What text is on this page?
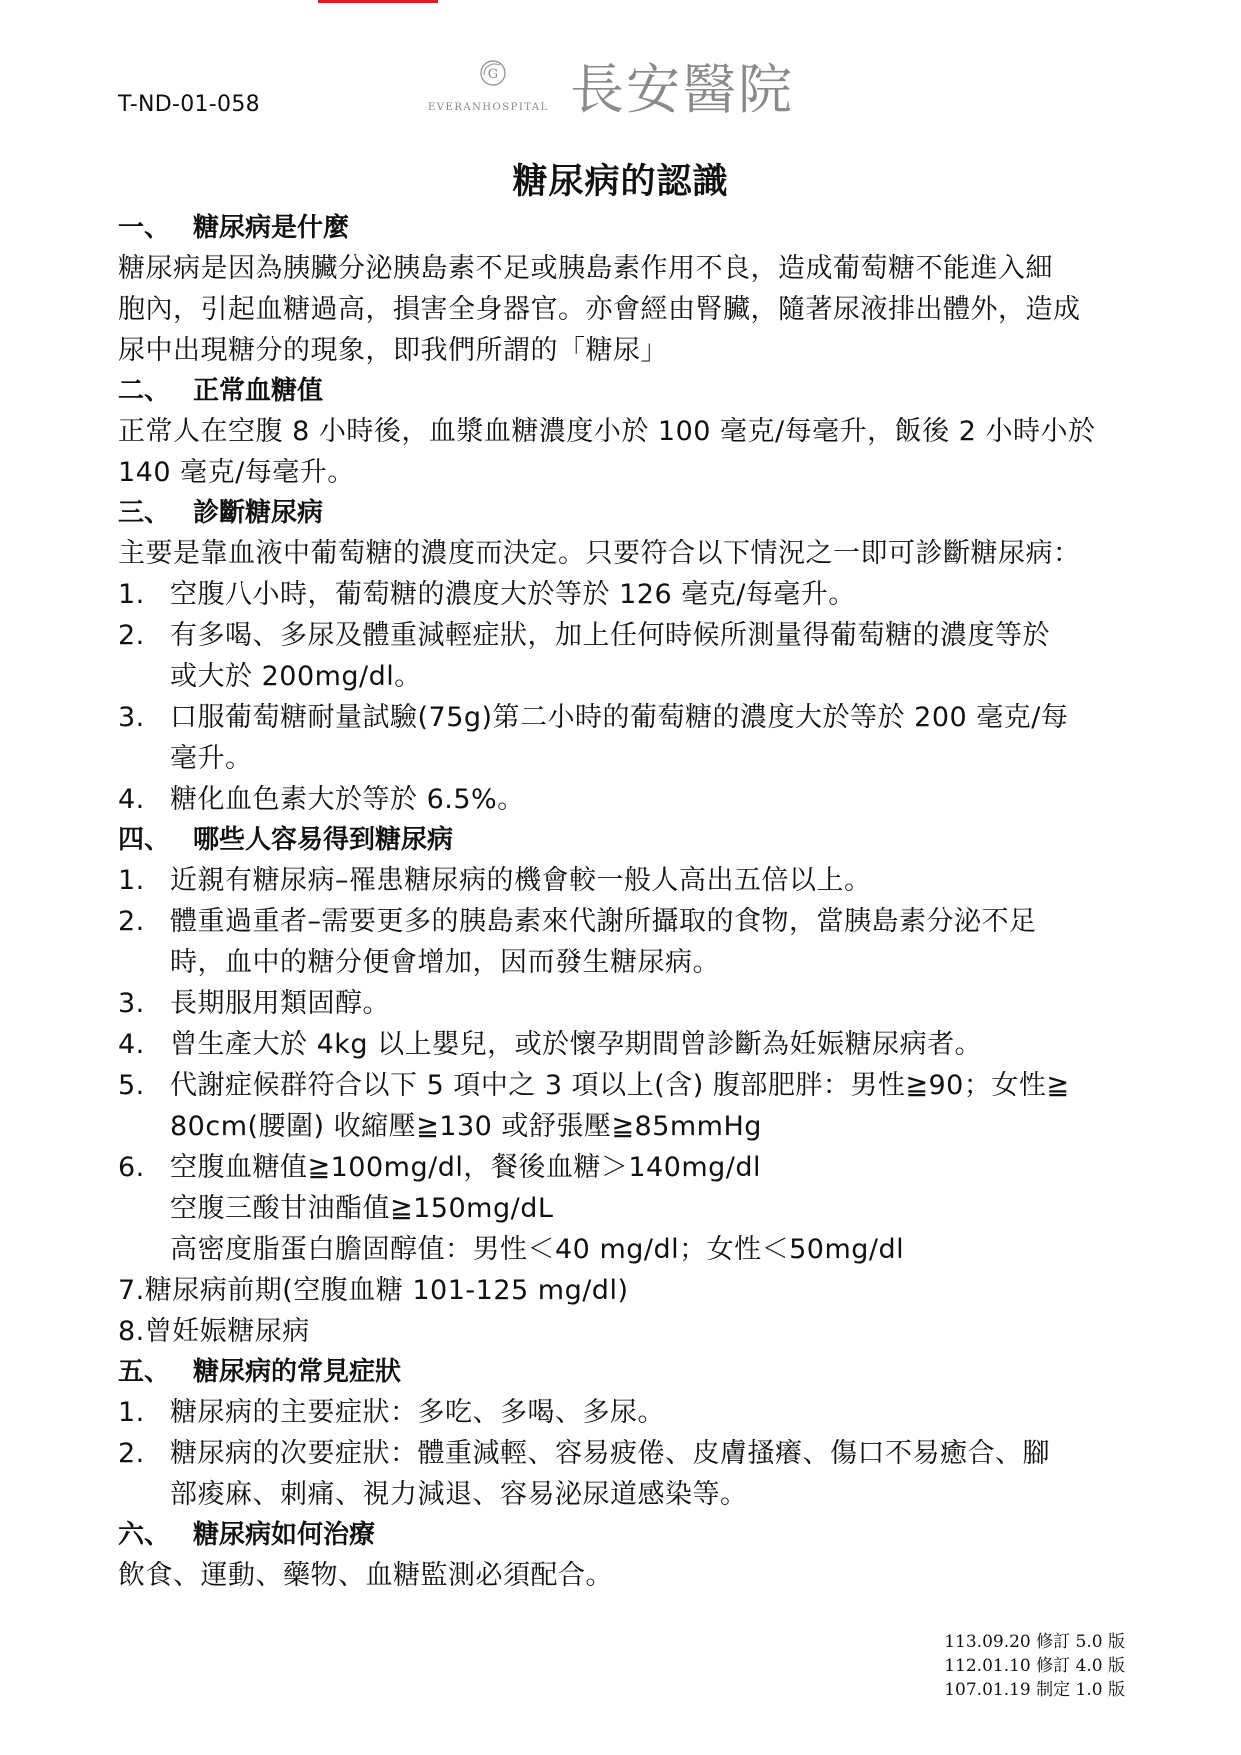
T-ND-01-058
G
EVERANHOSPITAL 長安醫院
糖尿病的認識
一、 糖尿病是什麼
糖尿病是因為胰臟分泌胰島素不足或胰島素作用不良，造成葡萄糖不能進入細
胞內，引起血糖過高，損害全身器官。亦會經由腎臟，隨著尿液排出體外，造成
尿中出現糖分的現象，即我們所謂的「糖尿」
二、 正常血糖值
正常人在空腹 8 小時後，血漿血糖濃度小於 100 毫克/每毫升，飯後 2 小時小於
140 毫克/每毫升。
三、 診斷糖尿病
主要是靠血液中葡萄糖的濃度而決定。只要符合以下情況之一即可診斷糖尿病：
1. 空腹八小時，葡萄糖的濃度大於等於 126 毫克/每毫升。
2. 有多喝、多尿及體重減輕症狀，加上任何時候所測量得葡萄糖的濃度等於
或大於 200mg/dl。
3. 口服葡萄糖耐量試驗(75g)第二小時的葡萄糖的濃度大於等於 200 毫克/每
毫升。
4. 糖化血色素大於等於 6.5%。
四、 哪些人容易得到糖尿病
1. 近親有糖尿病–罹患糖尿病的機會較一般人高出五倍以上。
2. 體重過重者–需要更多的胰島素來代謝所攝取的食物，當胰島素分泌不足
時，血中的糖分便會增加，因而發生糖尿病。
3. 長期服用類固醇。
4. 曾生產大於 4kg 以上嬰兒，或於懷孕期間曾診斷為妊娠糖尿病者。
5. 代謝症候群符合以下 5 項中之 3 項以上(含) 腹部肥胖：男性≧90；女性≧
80cm(腰圍) 收縮壓≧130 或舒張壓≧85mmHg
6. 空腹血糖值≧100mg/dl，餐後血糖＞140mg/dl
空腹三酸甘油酯值≧150mg/dL
高密度脂蛋白膽固醇值：男性＜40 mg/dl；女性＜50mg/dl
7.糖尿病前期(空腹血糖 101-125 mg/dl)
8.曾妊娠糖尿病
五、 糖尿病的常見症狀
1. 糖尿病的主要症狀：多吃、多喝、多尿。
2. 糖尿病的次要症狀：體重減輕、容易疲倦、皮膚搔癢、傷口不易癒合、腳
部痠麻、刺痛、視力減退、容易泌尿道感染等。
六、 糖尿病如何治療
飲食、運動、藥物、血糖監測必須配合。
113.09.20 修訂 5.0 版
112.01.10 修訂 4.0 版
107.01.19 制定 1.0 版
